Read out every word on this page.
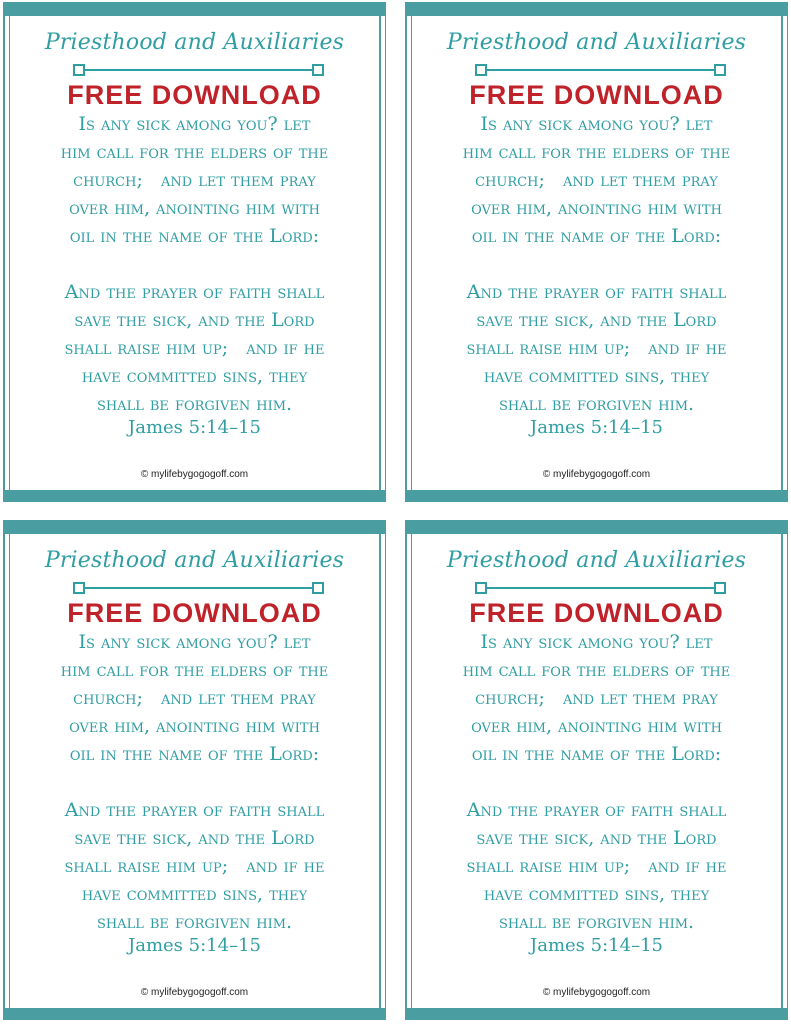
Priesthood and Auxiliaries
FREE DOWNLOAD
Is any sick among you? let
him call for the elders of the
church;   and let them pray
over him, anointing him with
oil in the name of the Lord:
And the prayer of faith shall
save the sick, and the Lord
shall raise him up;   and if he
have committed sins, they
shall be forgiven him.
James 5:14–15
© mylifebygogogoff.com
Priesthood and Auxiliaries
FREE DOWNLOAD
Is any sick among you? let
him call for the elders of the
church;   and let them pray
over him, anointing him with
oil in the name of the Lord:
And the prayer of faith shall
save the sick, and the Lord
shall raise him up;   and if he
have committed sins, they
shall be forgiven him.
James 5:14–15
© mylifebygogogoff.com
Priesthood and Auxiliaries
FREE DOWNLOAD
Is any sick among you? let
him call for the elders of the
church;   and let them pray
over him, anointing him with
oil in the name of the Lord:
And the prayer of faith shall
save the sick, and the Lord
shall raise him up;   and if he
have committed sins, they
shall be forgiven him.
James 5:14–15
© mylifebygogogoff.com
Priesthood and Auxiliaries
FREE DOWNLOAD
Is any sick among you? let
him call for the elders of the
church;   and let them pray
over him, anointing him with
oil in the name of the Lord:
And the prayer of faith shall
save the sick, and the Lord
shall raise him up;   and if he
have committed sins, they
shall be forgiven him.
James 5:14–15
© mylifebygogogoff.com
